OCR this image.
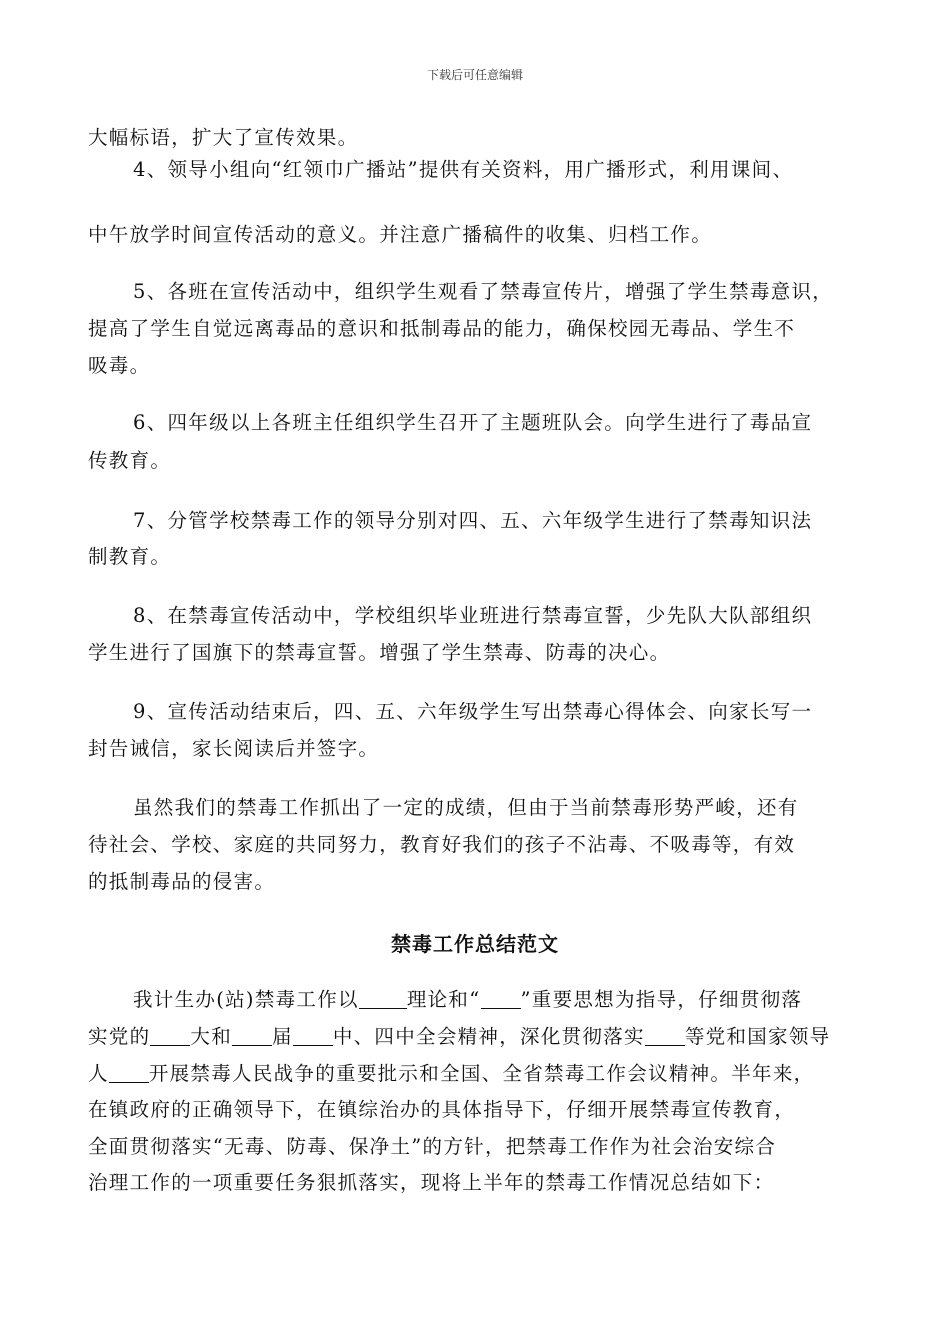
下载后可任意编辑
大幅标语，扩大了宣传效果。
4、领导小组向“红领巾广播站”提供有关资料，用广播形式，利用课间、
中午放学时间宣传活动的意义。并注意广播稿件的收集、归档工作。
5、各班在宣传活动中，组织学生观看了禁毒宣传片，增强了学生禁毒意识，
提高了学生自觉远离毒品的意识和抵制毒品的能力，确保校园无毒品、学生不
吸毒。
6、四年级以上各班主任组织学生召开了主题班队会。向学生进行了毒品宣
传教育。
7、分管学校禁毒工作的领导分别对四、五、六年级学生进行了禁毒知识法
制教育。
8、在禁毒宣传活动中，学校组织毕业班进行禁毒宣誓，少先队大队部组织
学生进行了国旗下的禁毒宣誓。增强了学生禁毒、防毒的决心。
9、宣传活动结束后，四、五、六年级学生写出禁毒心得体会、向家长写一
封告诫信，家长阅读后并签字。
虽然我们的禁毒工作抓出了一定的成绩，但由于当前禁毒形势严峻，还有
待社会、学校、家庭的共同努力，教育好我们的孩子不沾毒、不吸毒等，有效
的抵制毒品的侵害。
禁毒工作总结范文
我计生办(站)禁毒工作以 理论和“ ”重要思想为指导，仔细贯彻落
实党的 大和 届 中、四中全会精神，深化贯彻落实 等党和国家领导
人 开展禁毒人民战争的重要批示和全国、全省禁毒工作会议精神。半年来，
在镇政府的正确领导下，在镇综治办的具体指导下，仔细开展禁毒宣传教育，
全面贯彻落实“无毒、防毒、保净土”的方针，把禁毒工作作为社会治安综合
治理工作的一项重要任务狠抓落实，现将上半年的禁毒工作情况总结如下：
